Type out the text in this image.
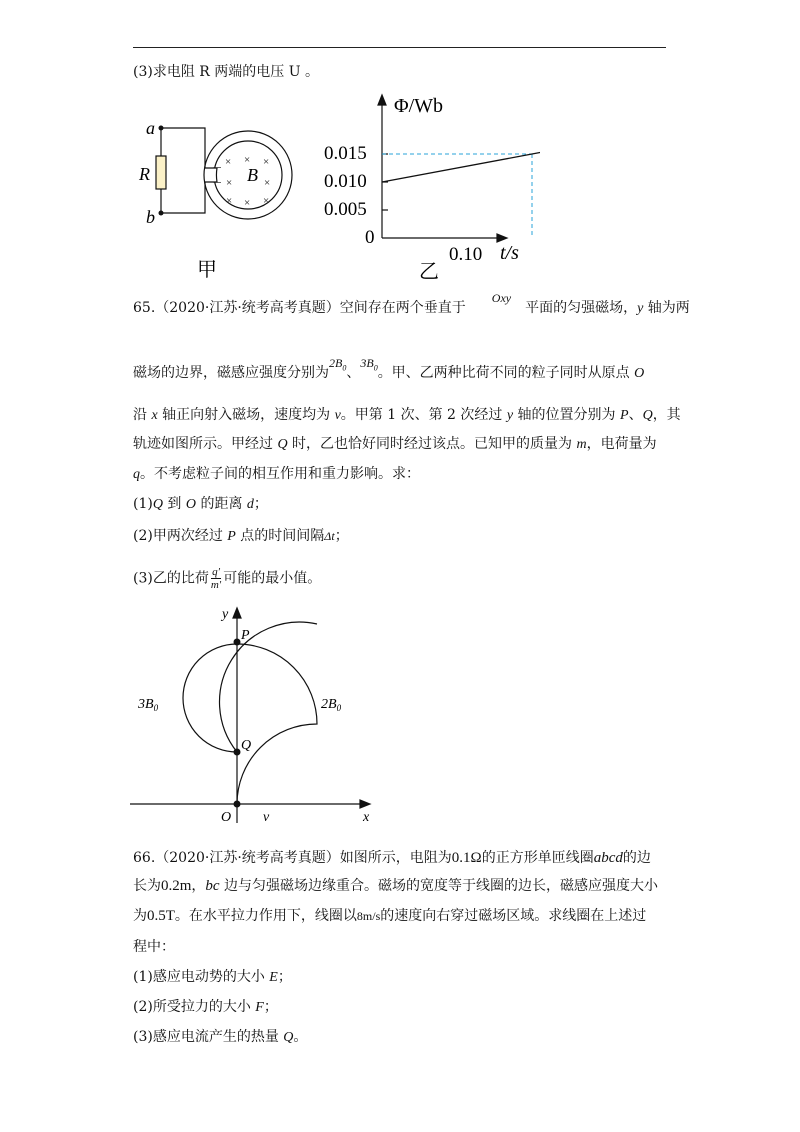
(3)求电阻 R 两端的电压 U 。
a
b
R	B
× × ×
×	×
× × ×
甲
Φ/Wb
t/s
0.015
0.010
0.005
0
0.10
乙
65.（2020·江苏·统考高考真题）空间存在两个垂直于Oxy平面的匀强磁场，y 轴为两
磁场的边界，磁感应强度分别为$2B_0$、$3B_0$。甲、乙两种比荷不同的粒子同时从原点 O
沿 x 轴正向射入磁场，速度均为 v。甲第 1 次、第 2 次经过 y 轴的位置分别为 P、Q，其
轨迹如图所示。甲经过 Q 时，乙也恰好同时经过该点。已知甲的质量为 m，电荷量为
q。不考虑粒子间的相互作用和重力影响。求：
(1)Q 到 O 的距离 d；
(2)甲两次经过 P 点的时间间隔Δt；
(3)乙的比荷 $\frac{q'}{m'}$ 可能的最小值。
y
P
Q
O v	x
$3B_0$	$2B_0$
66.（2020·江苏·统考高考真题）如图所示，电阻为0.1Ω的正方形单匝线圈abcd的边
长为0.2m，bc 边与匀强磁场边缘重合。磁场的宽度等于线圈的边长，磁感应强度大小
为0.5T。在水平拉力作用下，线圈以8m/s的速度向右穿过磁场区域。求线圈在上述过
程中：
(1)感应电动势的大小 E；
(2)所受拉力的大小 F；
(3)感应电流产生的热量 Q。
